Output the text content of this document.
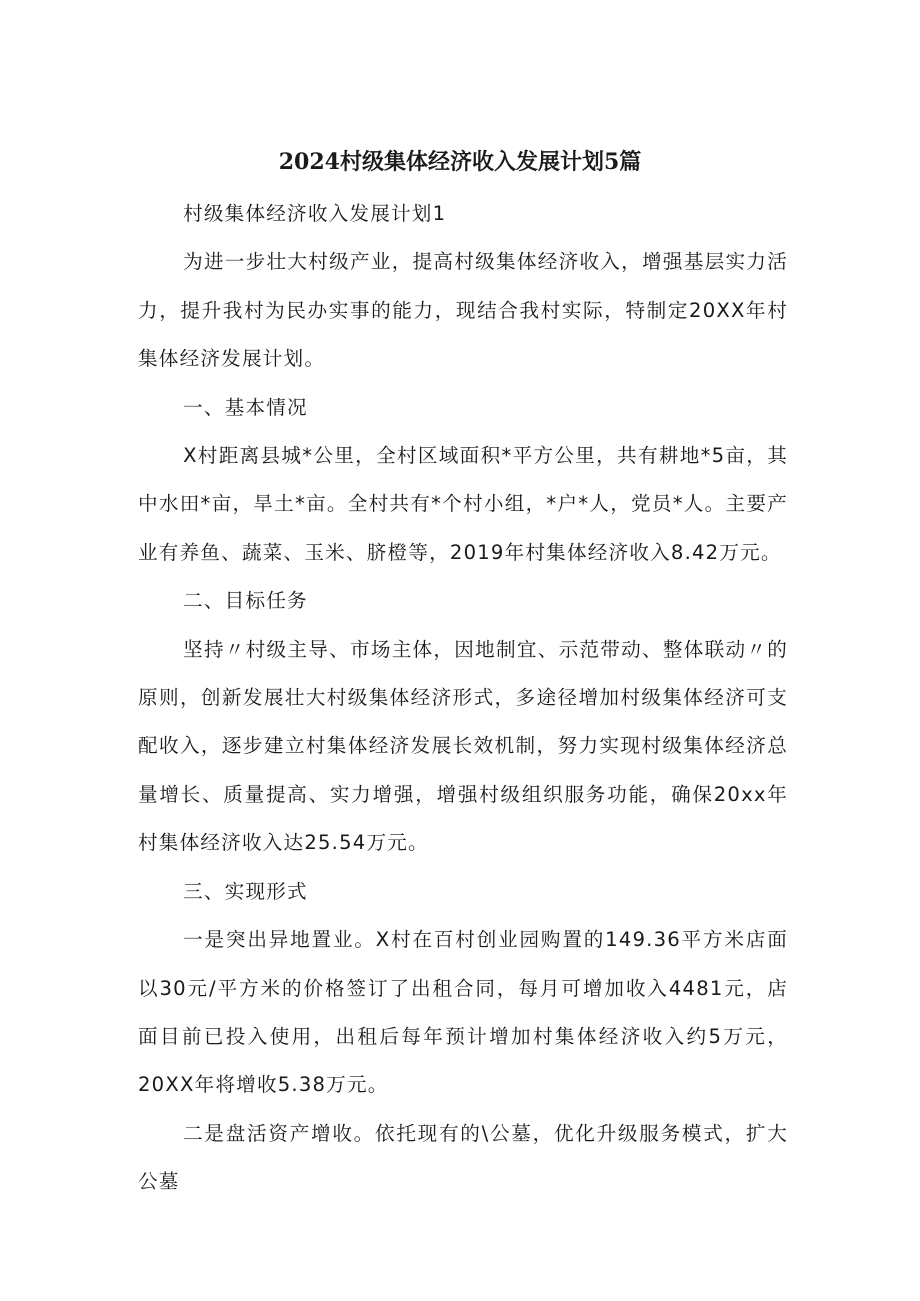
2024村级集体经济收入发展计划5篇

村级集体经济收入发展计划1

为进一步壮大村级产业，提高村级集体经济收入，增强基层实力活力，提升我村为民办实事的能力，现结合我村实际，特制定20XX年村集体经济发展计划。

一、基本情况

X村距离县城*公里，全村区域面积*平方公里，共有耕地*5亩，其中水田*亩，旱土*亩。全村共有*个村小组，*户*人，党员*人。主要产业有养鱼、蔬菜、玉米、脐橙等，2019年村集体经济收入8.42万元。

二、目标任务

坚持〃村级主导、市场主体，因地制宜、示范带动、整体联动〃的原则，创新发展壮大村级集体经济形式，多途径增加村级集体经济可支配收入，逐步建立村集体经济发展长效机制，努力实现村级集体经济总量增长、质量提高、实力增强，增强村级组织服务功能，确保20xx年村集体经济收入达25.54万元。

三、实现形式

一是突出异地置业。X村在百村创业园购置的149.36平方米店面以30元/平方米的价格签订了出租合同，每月可增加收入4481元，店面目前已投入使用，出租后每年预计增加村集体经济收入约5万元，20XX年将增收5.38万元。

二是盘活资产增收。依托现有的\公墓，优化升级服务模式，扩大公墓
